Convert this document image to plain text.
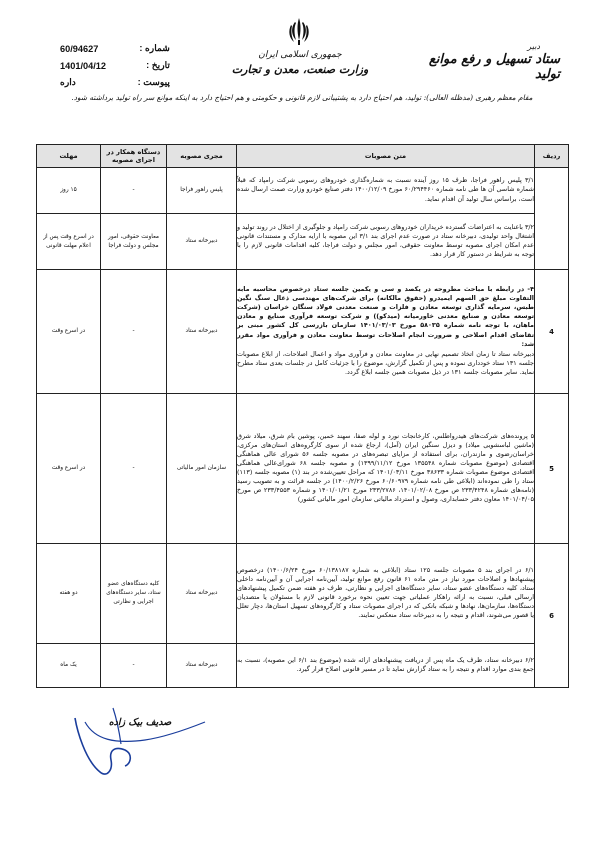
60/94627	شماره :
1401/04/12	تاریخ :
داره	پیوست :
جمهوری اسلامی ایران
وزارت صنعت، معدن و تجارت
دبیر
ستاد تسهیل و رفع موانع تولید
مقام معظم رهبری (مدظله العالی): تولید، هم احتیاج دارد به پشتیبانی لازم قانونی و حکومتی و هم احتیاج دارد به اینکه موانع سر راه تولید برداشته شود.
ردیف	متن مصوبات	مجری مصوبه	دستگاه همکار در اجرای مصوبه	مهلت

	۳/۱ پلیس راهور فراجا، ظرف ۱۵ روز آینده نسبت به شماره‌گذاری خودروهای رسوبی شرکت رامپاد که قبلاً شماره شاسی آن ها طی نامه شماره ۶۰/۲۹۴۴۶۰ مورخ ۱۴۰۰/۱۲/۰۹ دفتر صنایع خودرو وزارت صمت ارسال شده است، براساس سال تولید آن اقدام نماید.	پلیس راهور فراجا	-	۱۵ روز

	۳/۲ باعنایت به اعتراضات گسترده خریداران خودروهای رسوبی شرکت رامپاد و جلوگیری از اختلال در روند تولید و اشتغال واحد تولیدی، دبیرخانه ستاد در صورت عدم اجرای بند ۳/۱ این مصوبه با ارایه مدارک و مستندات قانونی عدم امکان اجرای مصوبه توسط معاونت حقوقی، امور مجلس و دولت فراجا، کلیه اقدامات قانونی لازم را با توجه به شرایط در دستور کار قرار دهد.	دبیرخانه ستاد	معاونت حقوقی، امور مجلس و دولت فراجا	در اسرع وقت پس از اعلام مهلت قانونی
4	۴- در رابطه با مباحث مطروحه در یکصد و سی و یکمین جلسه ستاد درخصوص محاسبه مابه التفاوت مبلغ حق السهم ایمیدرو (حقوق مالکانه) برای شرکت‌های مهندسی ذغال سنگ نگین طبس، سرمایه گذاری توسعه معادن و فلزات و صنعت معدنی فولاد سنگان خراسان (شرکت توسعه معادن و صنایع معدنی خاورمیانه (میدکو)) و شرکت توسعه فرآوری صنایع و معادن ماهان، با توجه نامه شماره ۵۸۰۳۵ مورخ ۱۴۰۱/۰۳/۰۳ سازمان بازرسی کل کشور مبنی بر تقاضای اقدام اصلاحی و ضرورت انجام اصلاحات توسط معاونت معادن و فرآوری مواد مقرر شد:

دبیرخانه ستاد تا زمان اتخاذ تصمیم نهایی در معاونت معادن و فرآوری مواد و اعمال اصلاحات، از ابلاغ مصوبات جلسه ۱۳۱ ستاد خودداری نموده و پس از تکمیل گزارش، موضوع را با جزئیات کامل در جلسات بعدی ستاد مطرح نماید. سایر مصوبات جلسه ۱۳۱ در ذیل مصوبات همین جلسه ابلاغ گردد.	دبیرخانه ستاد	-	در اسرع وقت
5	۵ پرونده‌های شرکت‌های هیدرواطلس، کارخانجات نورد و لوله صفا، سهند خمین، پوشین بام شرق، میلاد شرق (ماشین لباسشویی میلاد) و دیزل سنگین ایران (آمل)، ارجاع شده از سوی کارگروه‌های استان‌های مرکزی، خراسان‌رضوی و مازندران، برای استفاده از مزایای تبصره‌های در مصوبه جلسه ۵۶ شورای عالی هماهنگی اقتصادی (موضوع مصوبات شماره ۱۳۵۵۴۸ مورخ ۱۳۹۹/۱۱/۱۲) و مصوبه جلسه ۶۸ شورای‌عالی هماهنگی اقتصادی موضوع مصوبات شماره ۳۸۶۳۳ مورخ ۱۴۰۱/۰۳/۱۱ که مراحل تعیین‌شده در بند (۱) مصوبه جلسه (۱۱۳) ستاد را طی نموده‌اند (ابلاغی طی نامه شماره ۶۰/۶۰۹۷۹ مورخ ۱۴۰۰/۲/۲۶) در جلسه قرائت و به تصویب رسید (نامه‌های شماره ۲۳۳/۴۲۴۸ ص مورخ ۱۴۰۱/۰۲/۰۸، ۲۳۳/۲۷۸۶ مورخ ۱۴۰۱/۰۱/۲۱ و شماره ۲۳۳/۴۵۵۳ ص مورخ ۱۴۰۱/۰۴/۰۵ معاون دفتر حسابداری، وصول و استرداد مالیاتی سازمان امور مالیاتی کشور)	سازمان امور مالیاتی	-	در اسرع وقت
6	۶/۱ در اجرای بند ۵ مصوبات جلسه ۱۲۵ ستاد (ابلاغی به شماره ۶۰/۱۳۸۱۸۷ مورخ ۱۴۰۰/۶/۲۴) درخصوص پیشنهادها و اصلاحات مورد نیاز در متن ماده ۶۱ قانون رفع موانع تولید، آیین‌نامه اجرایی آن و آیین‌نامه داخلی ستاد، کلیه دستگاه‌های عضو ستاد، سایر دستگاه‌های اجرایی و نظارتی، ظرف دو هفته ضمن تکمیل پیشنهادهای ارسالی قبلی، نسبت به ارائه راهکار عملیاتی جهت تعیین نحوه برخورد قانونی لازم با مسئولان یا متصدیان دستگاه‌ها، سازمان‌ها، نهادها و شبکه بانکی که در اجرای مصوبات ستاد و کارگروه‌های تسهیل استان‌ها، دچار تعلل یا قصور می‌شوند، اقدام و نتیجه را به دبیرخانه ستاد منعکس نمایند.	دبیرخانه ستاد	کلیه دستگاه‌های عضو ستاد، سایر دستگاه‌های اجرایی و نظارتی	دو هفته

	۶/۲ دبیرخانه ستاد، ظرف یک ماه پس از دریافت پیشنهادهای ارائه شده (موضوع بند ۶/۱ این مصوبه)، نسبت به جمع بندی موارد اقدام و نتیجه را به ستاد گزارش نماید تا در مسیر قانونی اصلاح قرار گیرد.	دبیرخانه ستاد	-	یک ماه
صدیف بیک زاده
